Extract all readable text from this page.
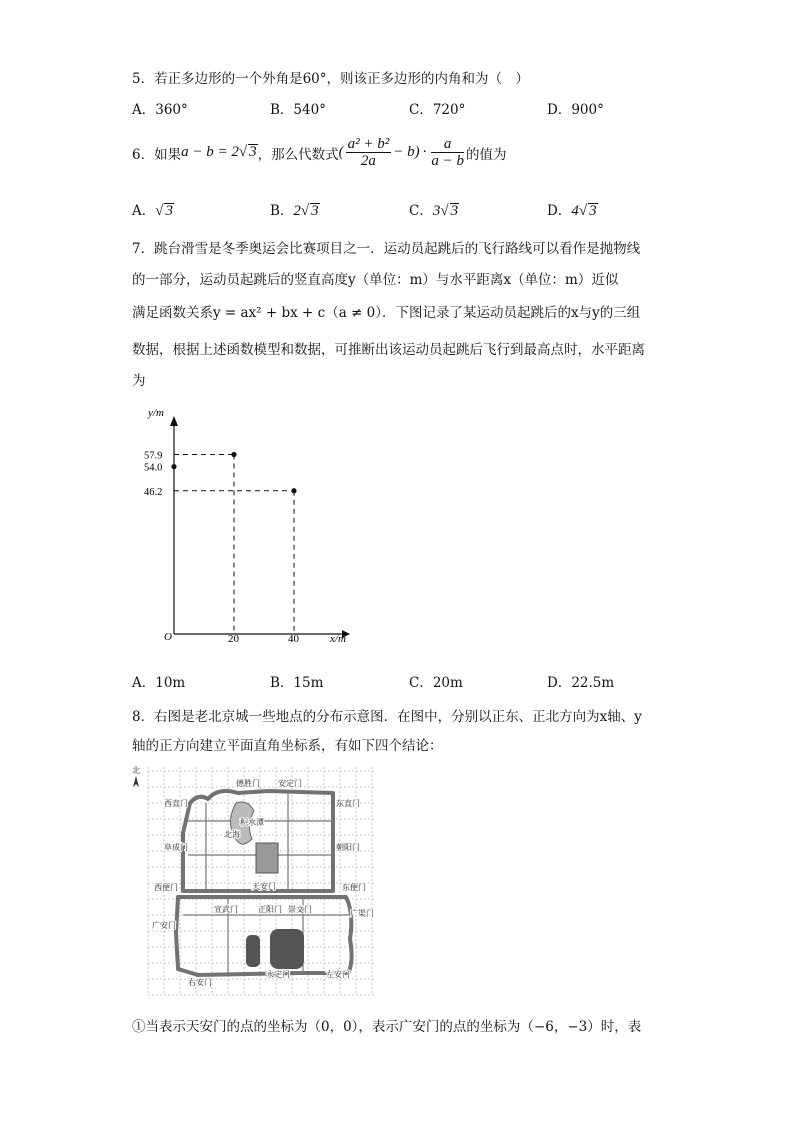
5．若正多边形的一个外角是60°，则该正多边形的内角和为（　）
A．360°	B．540°	C．720°	D．900°
6．如果 a − b = 2√ 3 ，那么代数式 ( $\frac{\text{a² + b²}}{2a} - b) \cdot \frac{a}{a - b}$ 的值为
A．√ 3	B．2√ 3	C．3√ 3	D．4√ 3
7．跳台滑雪是冬季奥运会比赛项目之一．运动员起跳后的飞行路线可以看作是抛物线
的一部分，运动员起跳后的竖直高度y（单位：m）与水平距离x（单位：m）近似
满足函数关系y = ax² + bx + c（a ≠ 0）．下图记录了某运动员起跳后的x与y的三组
数据，根据上述函数模型和数据，可推断出该运动员起跳后飞行到最高点时，水平距离
为
y/m
x/m
O
57.9
54.0
46.2
20	40
A．10m	B．15m	C．20m	D．22.5m
8．右图是老北京城一些地点的分布示意图．在图中，分别以正东、正北方向为x轴、y
轴的正方向建立平面直角坐标系，有如下四个结论：
北
德胜门 安定门
西直门	东直门
积水潭
北海
阜成门	朝阳门
西便门	天安门	东便门
宣武门	正阳门 崇文门	广渠门
广安门
永定门	左安门
右安门
①当表示天安门的点的坐标为（0，0），表示广安门的点的坐标为（−6，−3）时，表
